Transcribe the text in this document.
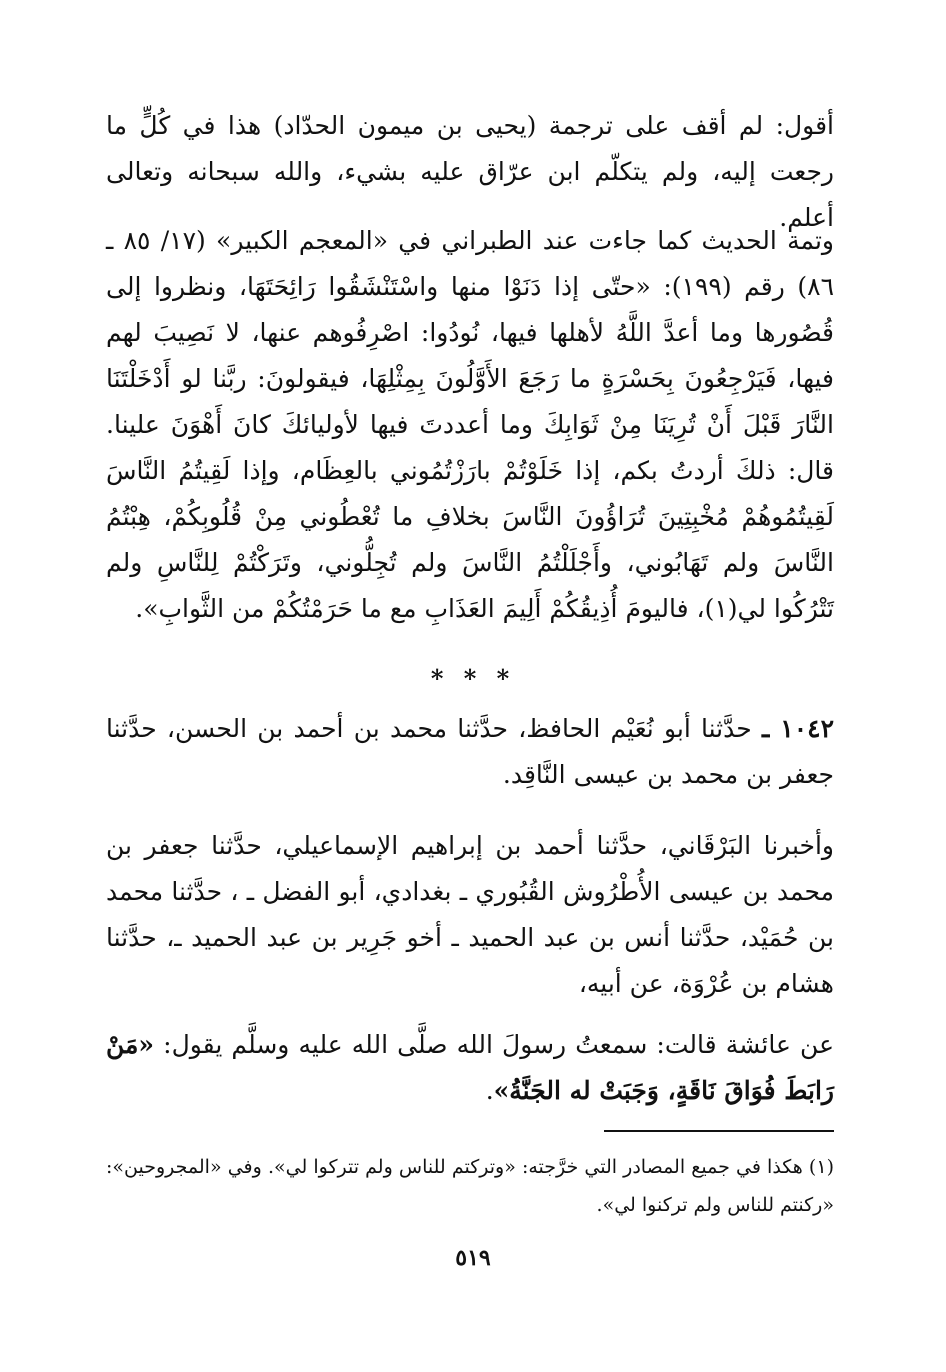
أقول: لم أقف على ترجمة (يحيى بن ميمون الحدّاد) هذا في كُلٍّ ما رجعت إليه، ولم يتكلّم ابن عرّاق عليه بشيء، والله سبحانه وتعالى أعلم.

وتمة الحديث كما جاءت عند الطبراني في «المعجم الكبير» (١٧/ ٨٥ ـ ٨٦) رقم (١٩٩): «حتّى إذا دَنَوْا منها واسْتَنْشَقُوا رَائِحَتَهَا، ونظروا إلى قُصُورها وما أعدَّ اللَّهُ لأهلها فيها، نُودُوا: اصْرِفُوهم عنها، لا نَصِيبَ لهم فيها، فَيَرْجِعُونَ بِحَسْرَةٍ ما رَجَعَ الأَوَّلُونَ بِمِثْلِهَا، فيقولونَ: ربَّنا لو أَدْخَلْتَنَا النَّارَ قَبْلَ أَنْ تُرِيَنَا مِنْ ثَوَابِكَ وما أعددتَ فيها لأوليائكَ كانَ أَهْوَنَ علينا. قال: ذلكَ أردتُ بكم، إذا خَلَوْتُمْ بارَزْتُمُوني بالعِظَام، وإذا لَقِيتُمُ النَّاسَ لَقِيتُمُوهُمْ مُخْبِتِينَ تُرَاؤُونَ النَّاسَ بخلافِ ما تُعْطُوني مِنْ قُلُوبِكُمْ، هِبْتُمُ النَّاسَ ولم تَهَابُوني، وأَجْلَلْتُمُ النَّاسَ ولم تُجِلُّوني، وتَرَكْتُمْ لِلنَّاسِ ولم تَتْرُكُوا لي(١)، فاليومَ أُذِيقُكُمْ أَلِيمَ العَذَابِ مع ما حَرَمْتُكُمْ من الثَّوابِ».

* * *

١٠٤٢ ـ حدَّثنا أبو نُعَيْم الحافظ، حدَّثنا محمد بن أحمد بن الحسن، حدَّثنا جعفر بن محمد بن عيسى النَّاقِد.

وأخبرنا البَرْقَاني، حدَّثنا أحمد بن إبراهيم الإسماعيلي، حدَّثنا جعفر بن محمد بن عيسى الأُطْرُوش القُبُوري ـ بغدادي، أبو الفضل ـ ، حدَّثنا محمد بن حُمَيْد، حدَّثنا أنس بن عبد الحميد ـ أخو جَرِير بن عبد الحميد ـ، حدَّثنا هشام بن عُرْوَة، عن أبيه،

عن عائشة قالت: سمعتُ رسولَ الله صلَّى الله عليه وسلَّم يقول: «مَنْ رَابَطَ فُوَاقَ نَاقَةٍ، وَجَبَتْ له الجَنَّةُ».

(١) هكذا في جميع المصادر التي خرَّجته: «وتركتم للناس ولم تتركوا لي». وفي «المجروحين»: «ركنتم للناس ولم تركنوا لي».

٥١٩
